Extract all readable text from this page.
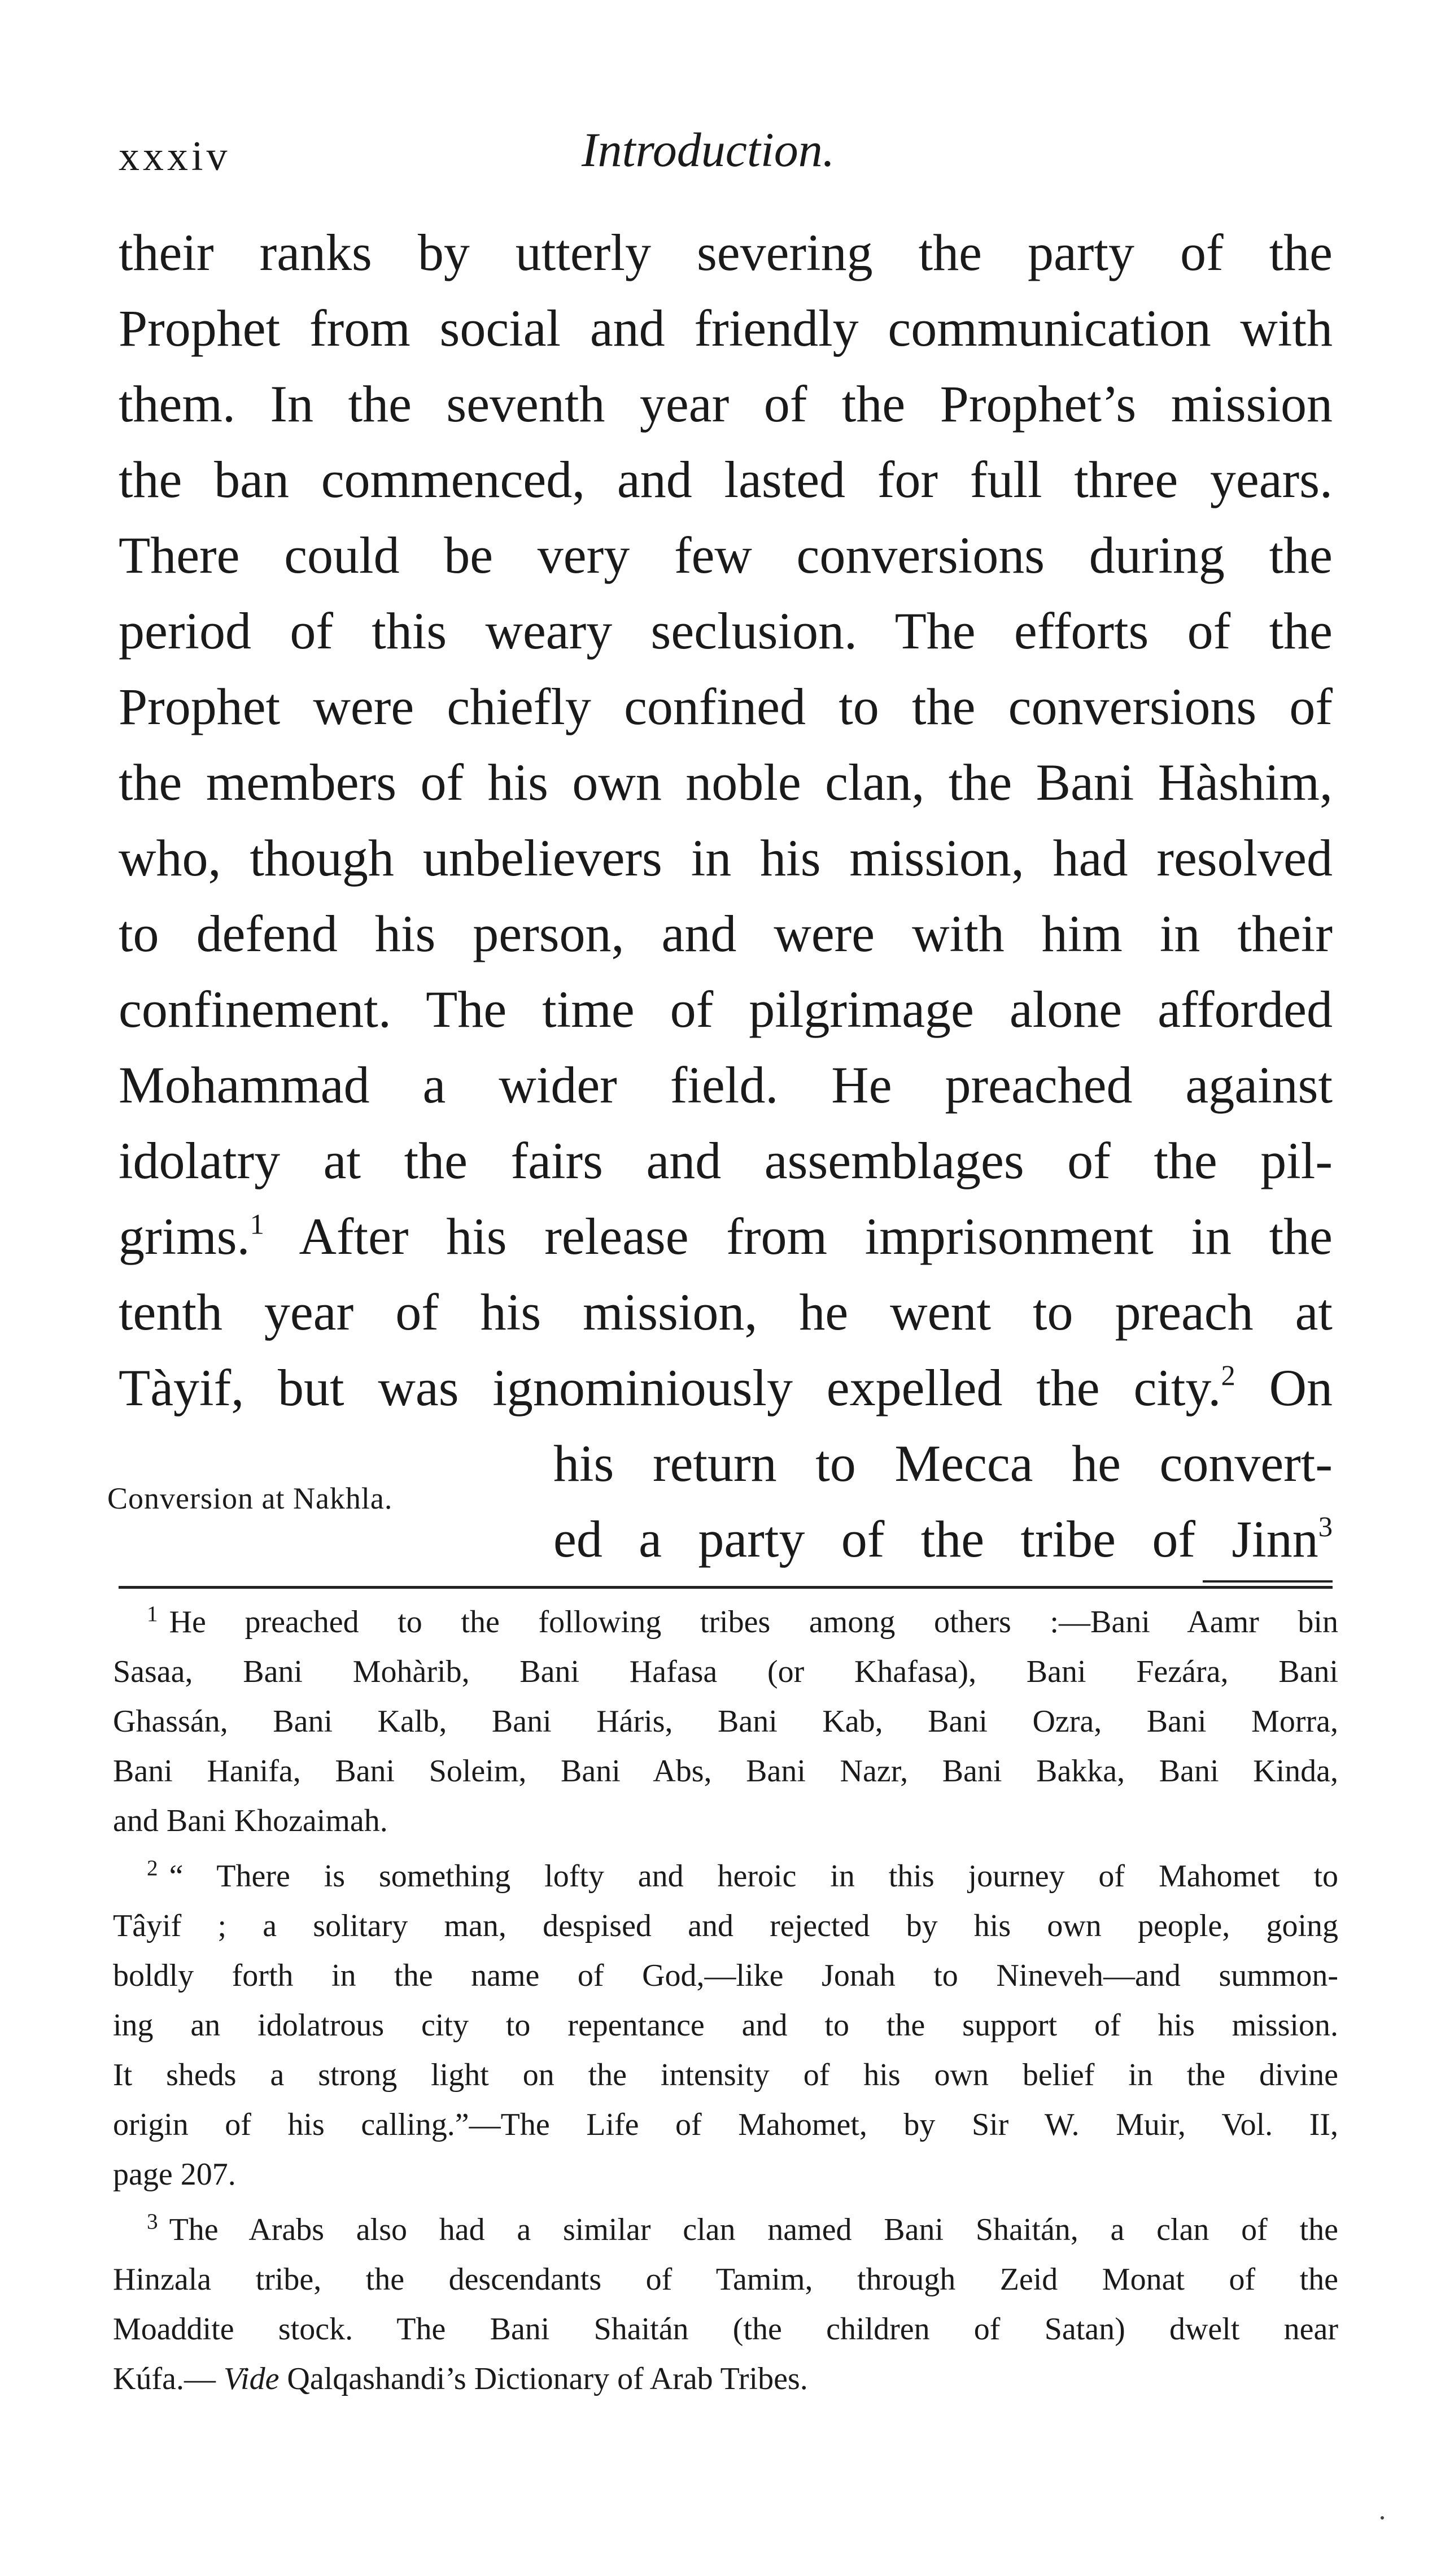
xxxiv	Introduction.
their ranks by utterly severing the party of the
Prophet from social and friendly communication with
them. In the seventh year of the Prophet’s mission
the ban commenced, and lasted for full three years.
There could be very few conversions during the
period of this weary seclusion. The efforts of the
Prophet were chiefly confined to the conversions of
the members of his own noble clan, the Bani Hàshim,
who, though unbelievers in his mission, had resolved
to defend his person, and were with him in their
confinement. The time of pilgrimage alone afforded
Mohammad a wider field. He preached against
idolatry at the fairs and assemblages of the pil-
grims.$^1$ After his release from imprisonment in the
tenth year of his mission, he went to preach at
Tàyif, but was ignominiously expelled the city.$^2$ On
his return to Mecca he convert-
ed a party of the tribe of Jinn$^3$
Conversion at Nakhla.
$^1$ He preached to the following tribes among others :—Bani Aamr bin
Sasaa, Bani Mohàrib, Bani Hafasa (or Khafasa), Bani Fezára, Bani
Ghassán, Bani Kalb, Bani Háris, Bani Kab, Bani Ozra, Bani Morra,
Bani Hanifa, Bani Soleim, Bani Abs, Bani Nazr, Bani Bakka, Bani Kinda,
and Bani Khozaimah.
$^2$ “ There is something lofty and heroic in this journey of Mahomet to
Tâyif ; a solitary man, despised and rejected by his own people, going
boldly forth in the name of God,—like Jonah to Nineveh—and summon-
ing an idolatrous city to repentance and to the support of his mission.
It sheds a strong light on the intensity of his own belief in the divine
origin of his calling.”—The Life of Mahomet, by Sir W. Muir, Vol. II,
page 207.
$^3$ The Arabs also had a similar clan named Bani Shaitán, a clan of the
Hinzala tribe, the descendants of Tamim, through Zeid Monat of the
Moaddite stock. The Bani Shaitán (the children of Satan) dwelt near
Kúfa.— Vide Qalqashandi’s Dictionary of Arab Tribes.
